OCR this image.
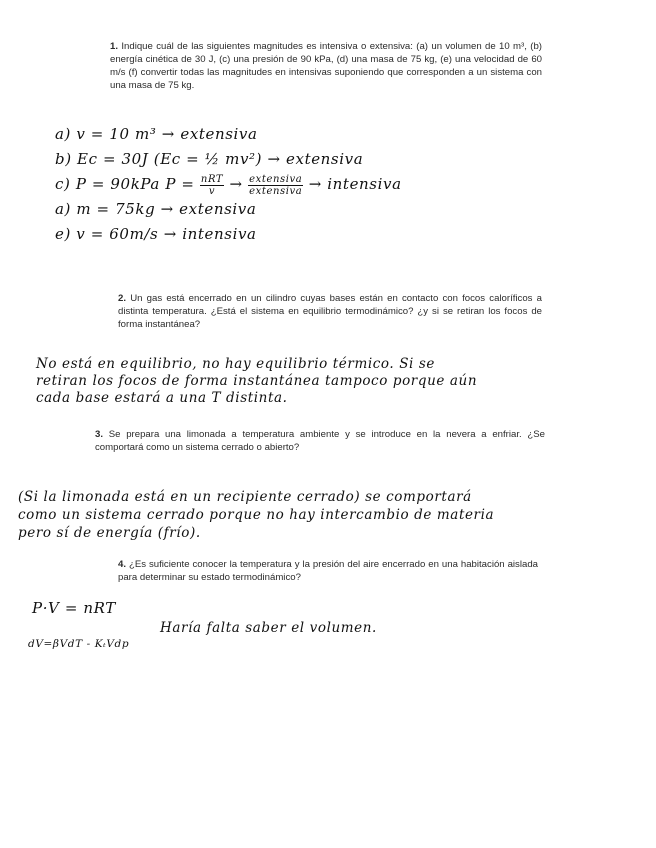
1. Indique cuál de las siguientes magnitudes es intensiva o extensiva: (a) un volumen de 10 m³, (b) energía cinética de 30 J, (c) una presión de 90 kPa, (d) una masa de 75 kg, (e) una velocidad de 60 m/s (f) convertir todas las magnitudes en intensivas suponiendo que corresponden a un sistema con una masa de 75 kg.
a) v = 10 m³ → extensiva
b) Ec = 30J (Ec = ½ mv²) → extensiva
c) P = 90kPa $P = \frac{\text{nRT}}{v} \to \frac{\text{extensiva}}{\text{extensiva}}$ → intensiva
a) m = 75kg → extensiva
e) v = 60m/s → intensiva
2. Un gas está encerrado en un cilindro cuyas bases están en contacto con focos caloríficos a distinta temperatura. ¿Está el sistema en equilibrio termodinámico? ¿y si se retiran los focos de forma instantánea?
No está en equilibrio, no hay equilibrio térmico. Si se
retiran los focos de forma instantánea tampoco porque aún
cada base estará a una T distinta.
3. Se prepara una limonada a temperatura ambiente y se introduce en la nevera a enfriar. ¿Se comportará como un sistema cerrado o abierto?
(Si la limonada está en un recipiente cerrado) se comportará
como un sistema cerrado porque no hay intercambio de materia
pero sí de energía (frío).
4. ¿Es suficiente conocer la temperatura y la presión del aire encerrado en una habitación aislada para determinar su estado termodinámico?
P·V = nRT
dV=βVdT - KₜVdp
Haría falta saber el volumen.
